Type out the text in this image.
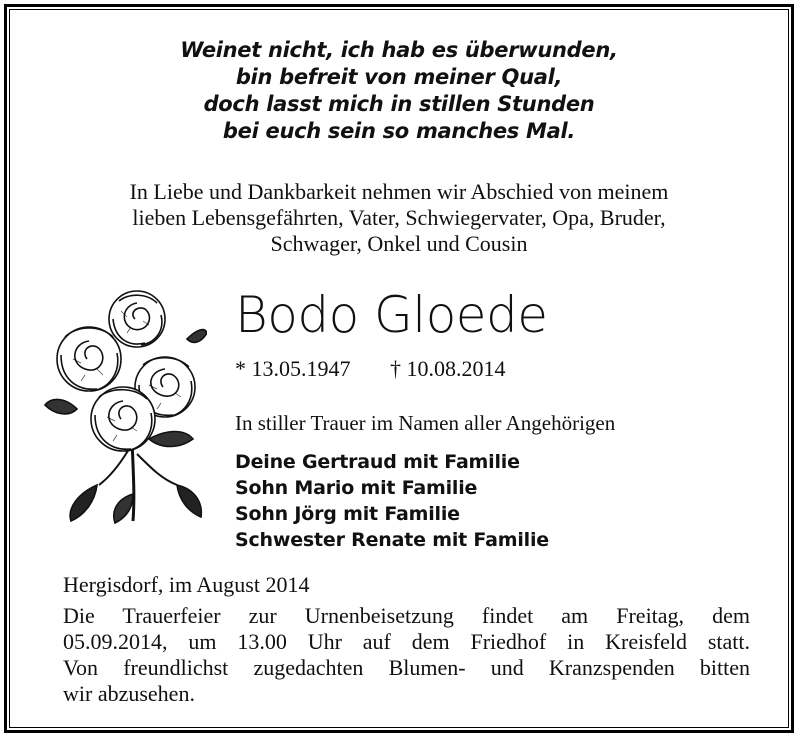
Weinet nicht, ich hab es überwunden,
bin befreit von meiner Qual,
doch lasst mich in stillen Stunden
bei euch sein so manches Mal.
In Liebe und Dankbarkeit nehmen wir Abschied von meinem
lieben Lebensgefährten, Vater, Schwiegervater, Opa, Bruder,
Schwager, Onkel und Cousin
Bodo Gloede
* 13.05.1947 † 10.08.2014
In stiller Trauer im Namen aller Angehörigen
Deine Gertraud mit Familie
Sohn Mario mit Familie
Sohn Jörg mit Familie
Schwester Renate mit Familie
Hergisdorf, im August 2014
Die Trauerfeier zur Urnenbeisetzung findet am Freitag, dem
05.09.2014, um 13.00 Uhr auf dem Friedhof in Kreisfeld statt.
Von freundlichst zugedachten Blumen- und Kranzspenden bitten
wir abzusehen.
